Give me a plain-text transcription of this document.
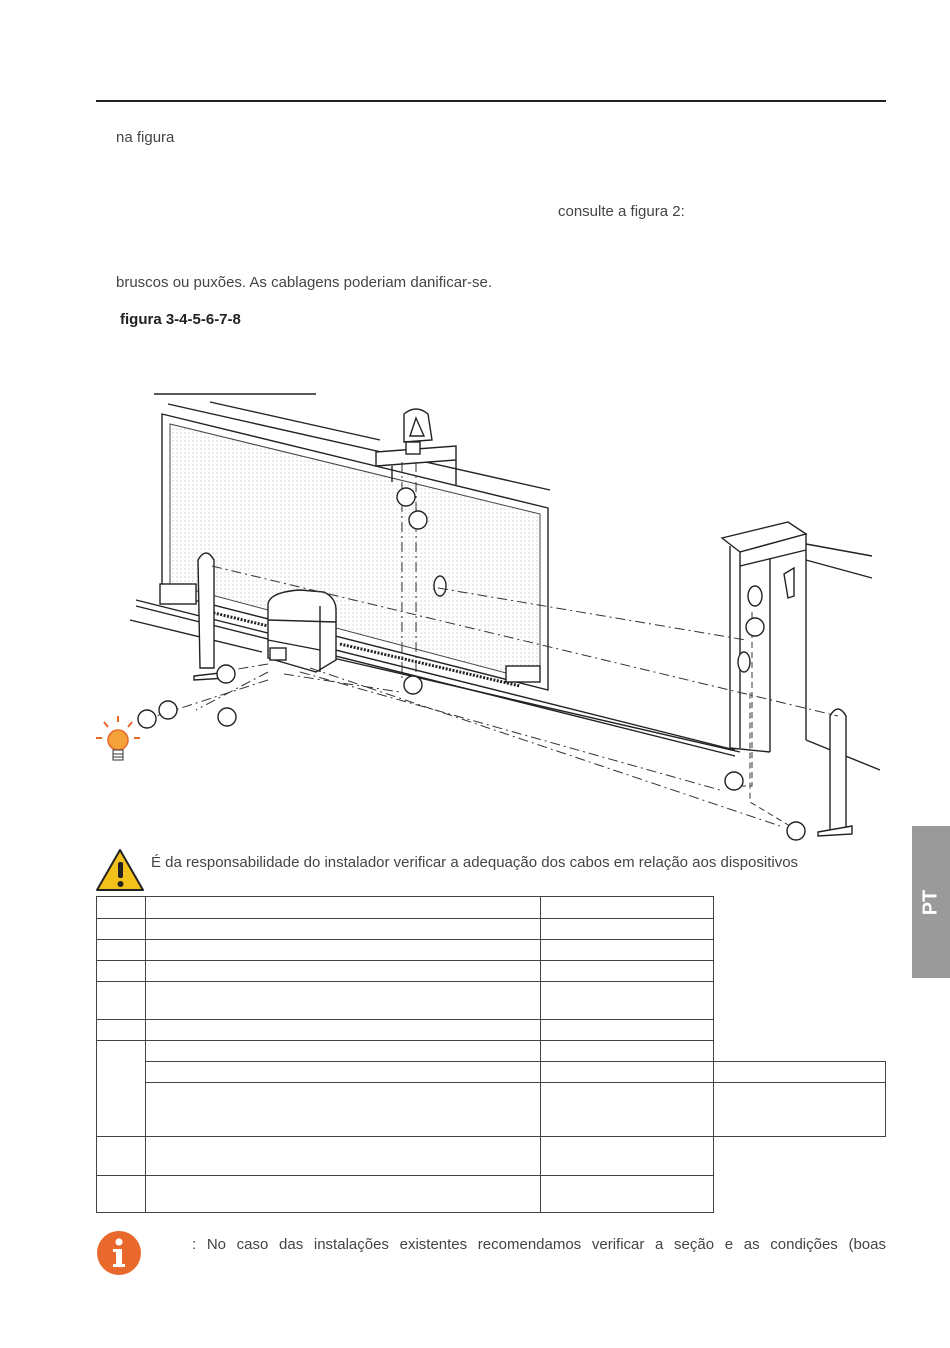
na figura
consulte a figura 2:
bruscos ou puxões. As cablagens poderiam danificar-se.
figura 3-4-5-6-7-8
É da responsabilidade do instalador verificar a adequação dos cabos em relação aos dispositivos

: No caso das instalações existentes recomendamos verificar a seção e as condições (boas
PT
